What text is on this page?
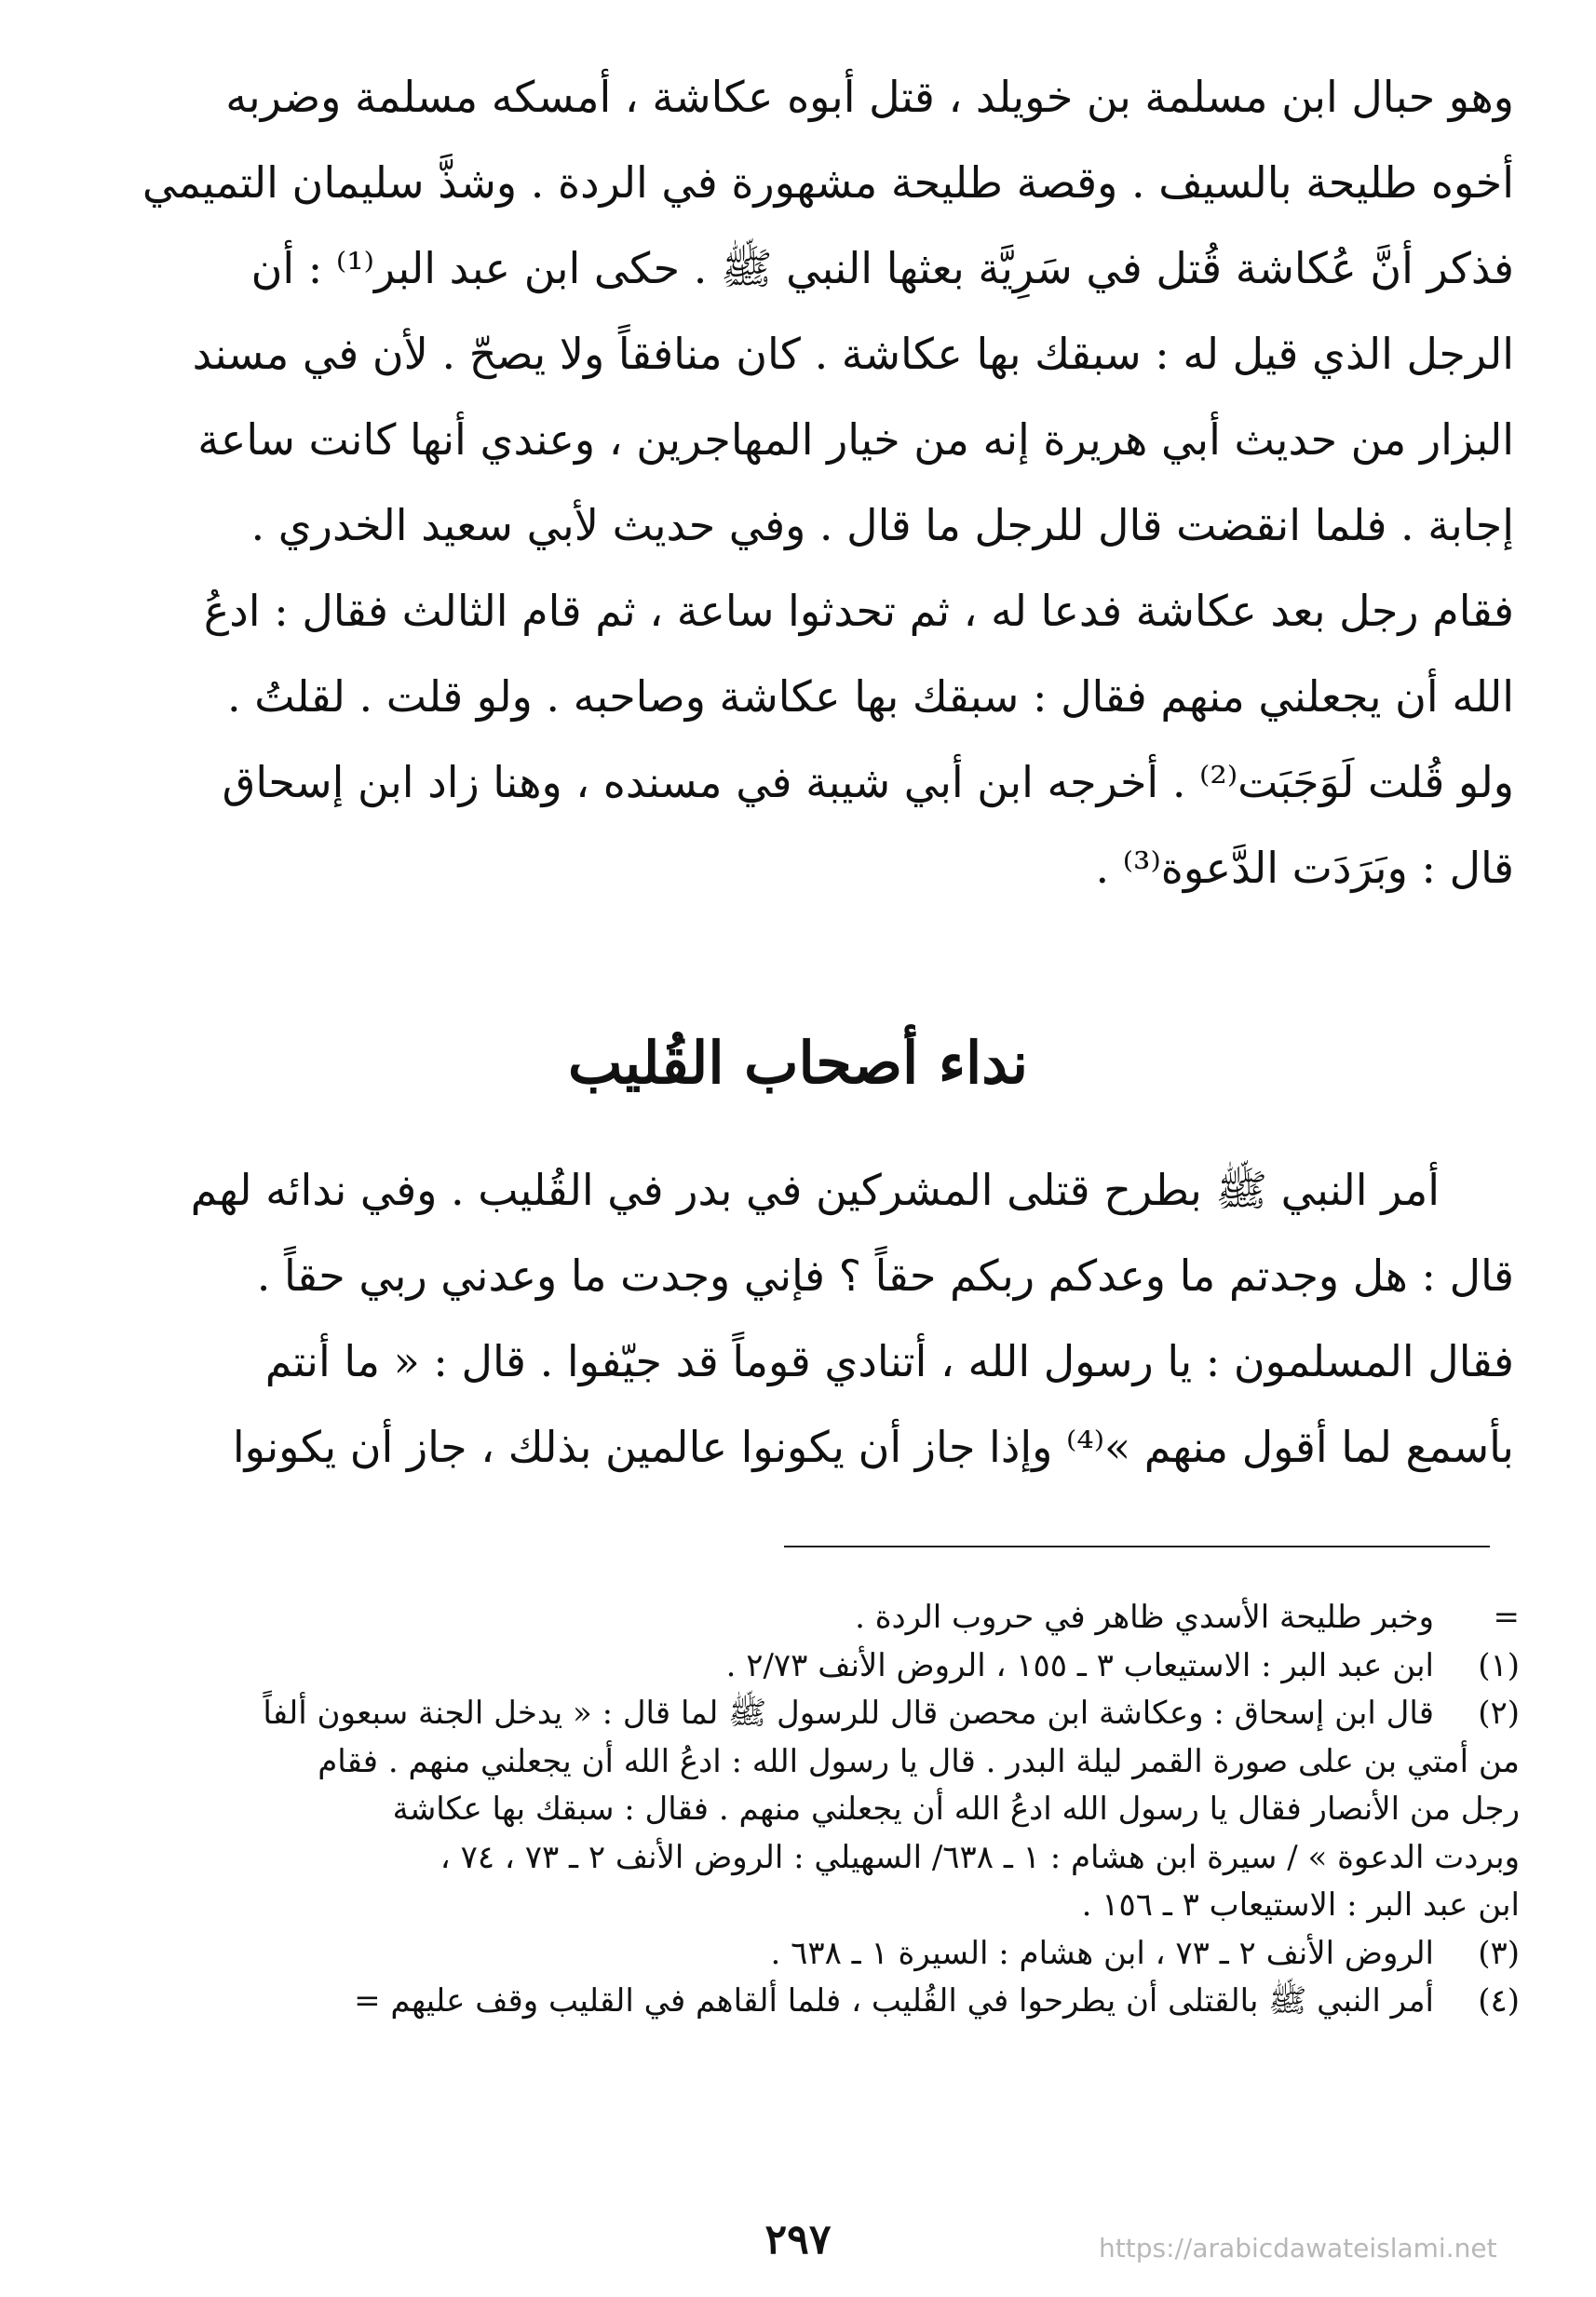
وهو حبال ابن مسلمة بن خويلد ، قتل أبوه عكاشة ، أمسكه مسلمة وضربه

أخوه طليحة بالسيف . وقصة طليحة مشهورة في الردة . وشذَّ سليمان التميمي

فذكر أنَّ عُكاشة قُتل في سَرِيَّة بعثها النبي ﷺ . حكى ابن عبد البر⁽¹⁾ : أن

الرجل الذي قيل له : سبقك بها عكاشة . كان منافقاً ولا يصحّ . لأن في مسند

البزار من حديث أبي هريرة إنه من خيار المهاجرين ، وعندي أنها كانت ساعة

إجابة . فلما انقضت قال للرجل ما قال . وفي حديث لأبي سعيد الخدري .

فقام رجل بعد عكاشة فدعا له ، ثم تحدثوا ساعة ، ثم قام الثالث فقال : ادعُ

الله أن يجعلني منهم فقال : سبقك بها عكاشة وصاحبه . ولو قلت . لقلتُ .

ولو قُلت لَوَجَبَت⁽²⁾ . أخرجه ابن أبي شيبة في مسنده ، وهنا زاد ابن إسحاق

قال : وبَرَدَت الدَّعوة⁽³⁾ .

نداء أصحاب القُليب

أمر النبي ﷺ بطرح قتلى المشركين في بدر في القُليب . وفي ندائه لهم

قال : هل وجدتم ما وعدكم ربكم حقاً ؟ فإني وجدت ما وعدني ربي حقاً .

فقال المسلمون : يا رسول الله ، أتنادي قوماً قد جيّفوا . قال : « ما أنتم

بأسمع لما أقول منهم »⁽⁴⁾ وإذا جاز أن يكونوا عالمين بذلك ، جاز أن يكونوا

=
وخبر طليحة الأسدي ظاهر في حروب الردة .
(١)
ابن عبد البر : الاستيعاب ٣ ـ ١٥٥ ، الروض الأنف ٢/٧٣ .
(٢)
قال ابن إسحاق : وعكاشة ابن محصن قال للرسول ﷺ لما قال : « يدخل الجنة سبعون ألفاً
من أمتي بن على صورة القمر ليلة البدر . قال يا رسول الله : ادعُ الله أن يجعلني منهم . فقام
رجل من الأنصار فقال يا رسول الله ادعُ الله أن يجعلني منهم . فقال : سبقك بها عكاشة
وبردت الدعوة » / سيرة ابن هشام : ١ ـ ٦٣٨/ السهيلي : الروض الأنف ٢ ـ ٧٣ ، ٧٤ ،
ابن عبد البر : الاستيعاب ٣ ـ ١٥٦ .
(٣)
الروض الأنف ٢ ـ ٧٣ ، ابن هشام : السيرة ١ ـ ٦٣٨ .
(٤)
أمر النبي ﷺ بالقتلى أن يطرحوا في القُليب ، فلما ألقاهم في القليب وقف عليهم =
٢٩٧	https://arabicdawateislami.net
